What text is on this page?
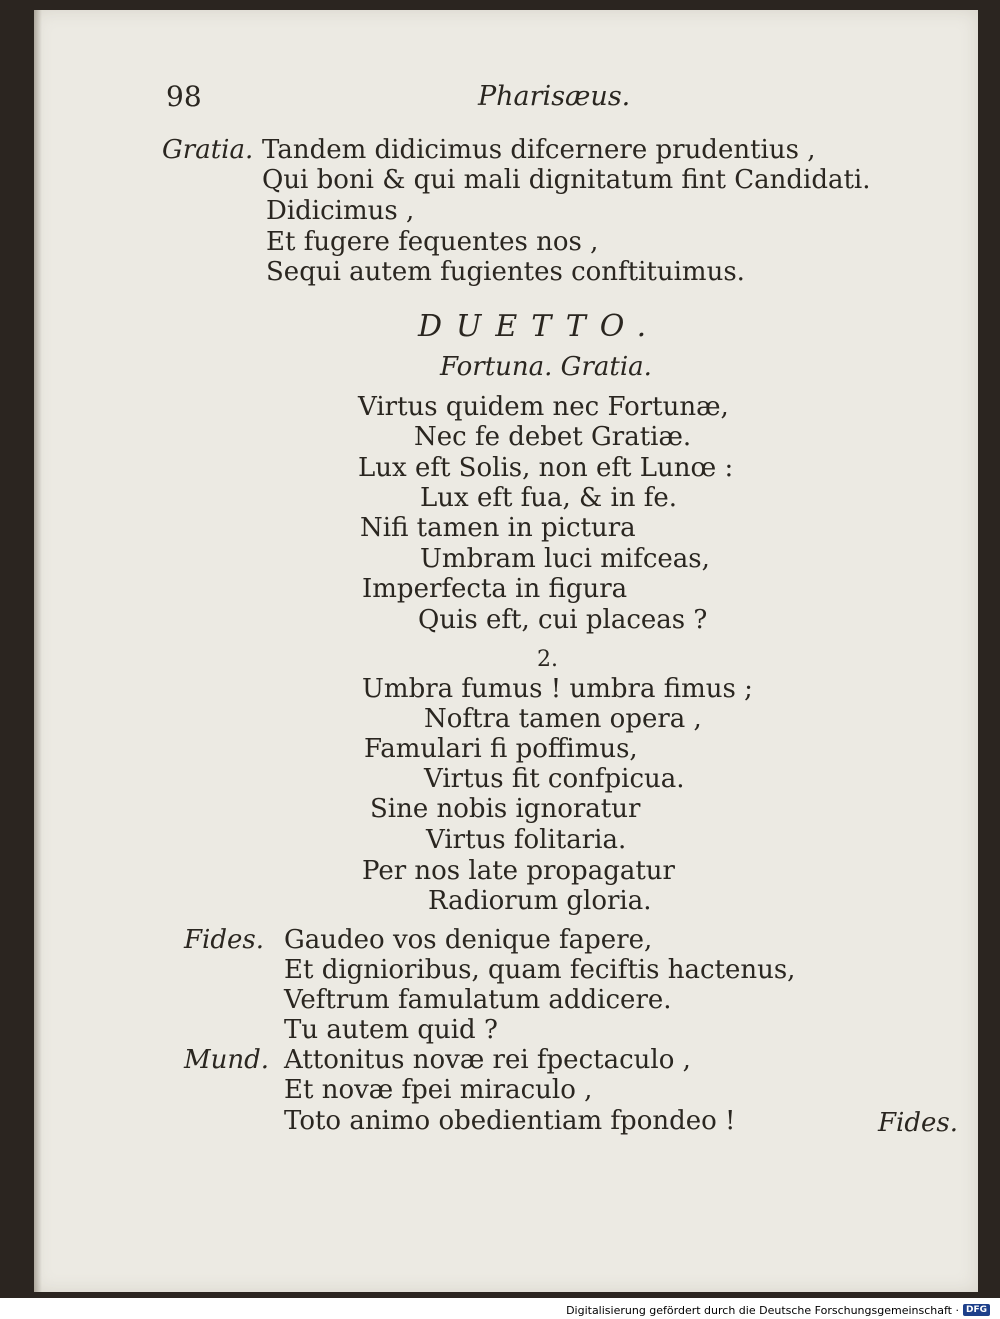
98	Pharisæus.
Gratia. Tandem didicimus difcernere prudentius ,
Qui boni & qui mali dignitatum fint Candidati.
Didicimus ,
Et fugere fequentes nos ,
Sequi autem fugientes conftituimus.
DUETTO.
Fortuna. Gratia.
Virtus quidem nec Fortunæ,
Nec fe debet Gratiæ.
Lux eft Solis, non eft Lunœ :
Lux eft fua, & in fe.
Nifi tamen in pictura
Umbram luci mifceas,
Imperfecta in figura
Quis eft, cui placeas ?
2.
Umbra fumus ! umbra fimus ;
Noftra tamen opera ,
Famulari fi poffimus,
Virtus fit confpicua.
Sine nobis ignoratur
Virtus folitaria.
Per nos late propagatur
Radiorum gloria.
Fides. Gaudeo vos denique fapere,
Et dignioribus, quam feciftis hactenus,
Veftrum famulatum addicere.
Tu autem quid ?
Mund. Attonitus novæ rei fpectaculo ,
Et novæ fpei miraculo ,
Toto animo obedientiam fpondeo !	Fides.
Digitalisierung gefördert durch die Deutsche Forschungsgemeinschaft · DFG
